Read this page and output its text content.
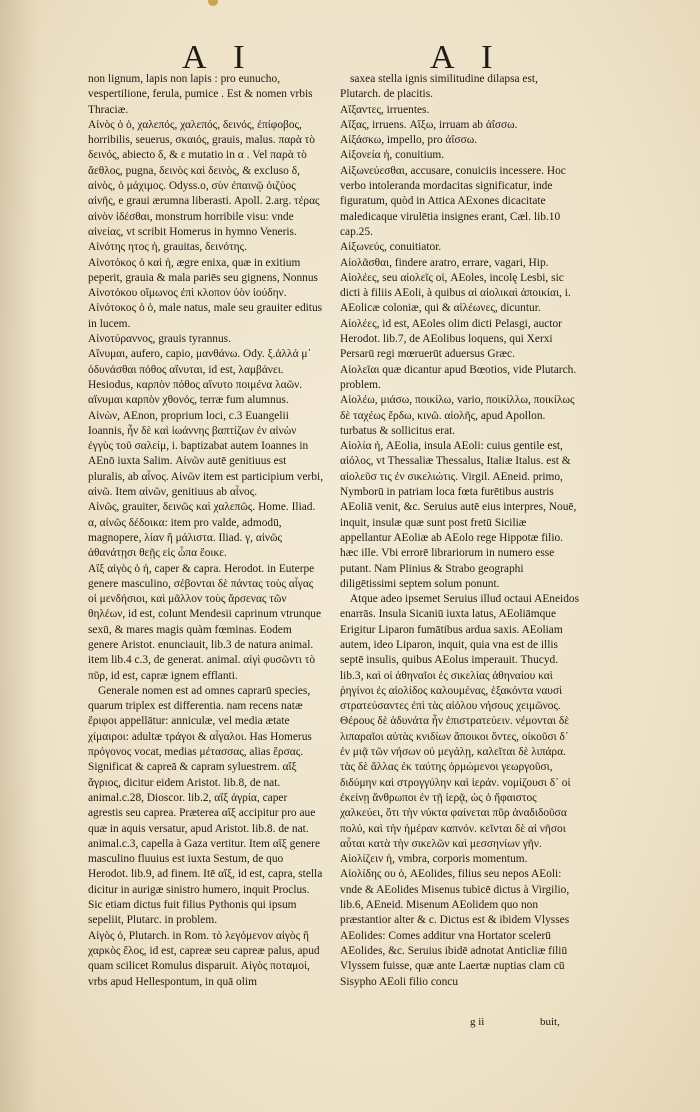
A I	A I

non lignum, lapis non lapis : pro eunucho, vespertilione, ferula, pumice . Est & nomen vrbis Thraciæ.

Αἰνὸς ὁ ὁ, χαλεπός, χαλεπός, δεινός, ἐπίφοβος, horribilis, seuerus, σκαιός, grauis, malus. παρὰ τὸ δεινός, abiecto δ, & ε mutatio in α . Vel παρὰ τὸ ἄεθλος, pugna, δεινὸς καὶ δεινὸς, & excluso δ, αἰνὸς, ὁ μάχιμος. Odyss.ο, σὺν ἐπαινῷ ὀιζύος αἰνῆς, e graui ærumna liberasti. Apoll. 2.arg. τέρας αἰνὸν ἰδέσθαι, monstrum horribile visu: vnde αἰνείας, vt scribit Homerus in hymno Veneris.

Αἰνότης ητος ἡ, grauitas, δεινότης.

Αἰνοτόκος ὁ καὶ ἡ, ægre enixa, quæ in exitium peperit, grauia & mala pariēs seu gignens, Nonnus Αἰνοτόκου οἴμωνος ἐπὶ κλοπον ὑὸν ἰούδην.

Αἰνότοκος ὁ ὁ, male natus, male seu grauiter editus in lucem.

Αἰνοτύραννος, grauis tyrannus.

Αἴνυμαι, aufero, capio, μανθάνω. Ody. ξ.ἀλλά μ᾽ ὀδυνάσθαι πόθος αἴνυται, id est, λαμβάνει. Hesiodus, καρπὸν πόθος αἴνυτο ποιμένα λαῶν. αἴνυμαι καρπὸν χθονός, terræ fum alumnus.

Αἰνὼν, AEnon, proprium loci, c.3 Euangelii Ioannis, ἦν δὲ καὶ ἰωάννης βαπτίζων ἐν αἰνὼν ἐγγὺς τοῦ σαλείμ, i. baptizabat autem Ioannes in AEnō iuxta Salim. Αἰνῶν autē genitiuus est pluralis, ab αἶνος. Αἰνῶν item est participium verbi, αἰνῶ. Item αἰνῶν, genitiuus ab αἶνος.

Αἰνῶς, grauiter, δεινῶς καὶ χαλεπῶς. Home. Iliad. α, αἰνῶς δέδοικα: item pro valde, admodū, magnopere, λίαν ἢ μάλιστα. Iliad. γ, αἰνῶς ἀθανάτῃσι θεῇς εἰς ὦπα ἔοικε.

Αἴξ αἰγὸς ὁ ἡ, caper & capra. Herodot. in Euterpe genere masculino, σέβονται δὲ πάντας τοὺς αἶγας οἱ μενδήσιοι, καὶ μᾶλλον τοὺς ἄρσενας τῶν θηλέων, id est, colunt Mendesii caprinum vtrunque sexū, & mares magis quàm fœminas. Eodem genere Aristot. enunciauit, lib.3 de natura animal. item lib.4 c.3, de generat. animal. αἰγὶ φυσῶντι τὸ πῦρ, id est, capræ ignem efflanti.

Generale nomen est ad omnes caprarū species, quarum triplex est differentia. nam recens natæ ἔριφοι appellātur: anniculæ, vel media ætate χίμαιροι: adultæ τράγοι & αἶγαλοι. Has Homerus πρόγονος vocat, medias μέτασσας, alias ἕρσας. Significat & capreā & capram syluestrem. αἴξ ἄγριος, dicitur eidem Aristot. lib.8, de nat. animal.c.28, Dioscor. lib.2, αἴξ ἀγρία, caper agrestis seu caprea. Præterea αἴξ accipitur pro aue quæ in aquis versatur, apud Aristot. lib.8. de nat. animal.c.3, capella à Gaza vertitur. Item αἴξ genere masculino fluuius est iuxta Sestum, de quo Herodot. lib.9, ad finem. Itē αἴξ, id est, capra, stella dicitur in aurigæ sinistro humero, inquit Proclus. Sic etiam dictus fuit filius Pythonis qui ipsum sepeliit, Plutarc. in problem.

Αἰγὸς ὁ, Plutarch. in Rom. τὸ λεγόμενον αἰγὸς ἢ χαρκὸς ἕλος, id est, capreæ seu capreæ palus, apud quam scilicet Romulus disparuit. Αἰγὸς ποταμοί, vrbs apud Hellespontum, in quā olim

saxea stella ignis similitudine dilapsa est, Plutarch. de placitis.

Αἴξαντες, irruentes.

Αἴξας, irruens. Αἴξω, irruam ab ἀΐσσω.

Αἰξάσκω, impello, pro ἀΐσσω.

Αἰξονεία ἡ, conuitium.

Αἰξωνεύεσθαι, accusare, conuiciis incessere. Hoc verbo intoleranda mordacitas significatur, inde figuratum, quòd in Attica AExones dicacitate maledicaque virulētia insignes erant, Cæl. lib.10 cap.25.

Αἰξωνεύς, conuitiator.

Αἰολᾶσθαι, findere aratro, errare, vagari, Hip.

Αἰολέες, seu αἰολεῖς οἱ, AEoles, incolę Lesbi, sic dicti à filiis AEoli, à quibus αἱ αἰολικαὶ ἀποικίαι, i. AEolicæ coloniæ, qui & αἰλέωνες, dicuntur.

Αἰολέες, id est, AEoles olim dicti Pelasgi, auctor Herodot. lib.7, de AEolibus loquens, qui Xerxi Persarū regi mœruerūt aduersus Græc.

Αἰολεῖαι quæ dicantur apud Bœotios, vide Plutarch. problem.

Αἰολέω, μιάσω, ποικίλω, vario, ποικίλλω, ποικίλως δὲ ταχέως ἔρδω, κινῶ. αἰολῆς, apud Apollon. turbatus & sollicitus erat.

Αἰολία ἡ, AEolia, insula AEoli: cuius gentile est, αἰόλος, vt Thessaliæ Thessalus, Italiæ Italus. est & αἰολεῦσ τις ἐν σικελιώτις. Virgil. AEneid. primo, Nymborū in patriam loca fœta furētibus austris AEoliā venit, &c. Seruius autē eius interpres, Nouē, inquit, insulæ quæ sunt post fretū Siciliæ appellantur AEoliæ ab AEolo rege Hippotæ filio. hæc ille. Vbi errorē librariorum in numero esse putant. Nam Plinius & Strabo geographi diligētissimi septem solum ponunt.

Atque adeo ipsemet Seruius illud octaui AEneidos enarrās. Insula Sicaniū iuxta latus, AEoliāmque Erigitur Liparon fumātibus ardua saxis. AEoliam autem, ideo Liparon, inquit, quia vna est de illis septē insulis, quibus AEolus imperauit. Thucyd. lib.3, καὶ οἱ ἀθηναῖοι ἐς σικελίας ἀθηναίου καὶ ῥηγίνοι ἐς αἰολίδος καλουμένας, ἑξακόντα ναυσὶ στρατεύσαντες ἐπὶ τὰς αἰόλου νήσους χειμῶνος. Θέρους δὲ ἀδυνάτα ἦν ἐπιστρατεύειν. νέμονται δὲ λιπαραῖοι αὐτὰς κνιδίων ἄποικοι ὄντες, οἰκοῦσι δ᾽ ἐν μιᾷ τῶν νήσων οὐ μεγάλῃ, καλεῖται δὲ λιπάρα. τὰς δὲ ἄλλας ἐκ ταύτης ὁρμώμενοι γεωργοῦσι, διδύμην καὶ στρογγύλην καὶ ἱεράν. νομίζουσι δ᾽ οἱ ἐκείνῃ ἄνθρωποι ἐν τῇ ἱερᾷ, ὡς ὁ ἥφαιστος χαλκεύει, ὅτι τὴν νύκτα φαίνεται πῦρ ἀναδιδοῦσα πολύ, καὶ τὴν ἡμέραν καπνόν. κεῖνται δὲ αἱ νῆσοι αὗται κατὰ τὴν σικελῶν καὶ μεσσηνίων γῆν.

Αἰολίζειν ἡ, vmbra, corporis momentum.

Αἰολίδης ου ὁ, AEolides, filius seu nepos AEoli: vnde & AEolides Misenus tubicē dictus à Virgilio, lib.6, AEneid. Misenum AEolidem quo non præstantior alter & c. Dictus est & ibidem Vlysses AEolides: Comes additur vna Hortator scelerū AEolides, &c. Seruius ibidē adnotat Anticliæ filiū Vlyssem fuisse, quæ ante Laertæ nuptias clam cū Sisypho AEoli filio concu

g ii	buit,
